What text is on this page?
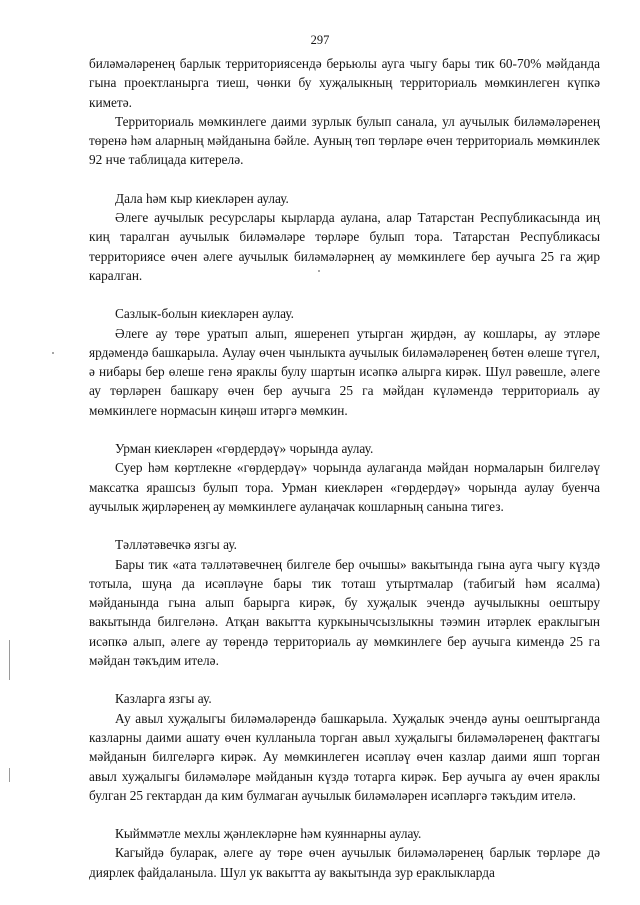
297

биләмәләренең барлык территориясендә берьюлы ауга чыгу бары тик 60-70% мәйданда гына проектланырга тиеш, чөнки бу хуҗалыкның территориаль мөмкинлеген күпкә киметә.

Территориаль мөмкинлеге даими зурлык булып санала, ул аучылык биләмәләренең төренә һәм аларның мәйданына бәйле. Ауның төп төрләре өчен территориаль мөмкинлек 92 нче таблицада китерелә.

Дала һәм кыр киекләрен аулау.

Әлеге аучылык ресурслары кырларда аулана, алар Татарстан Республикасында иң киң таралган аучылык биләмәләре төрләре булып тора. Татарстан Республикасы территориясе өчен әлеге аучылык биләмәләрнең ау мөмкинлеге бер аучыга 25 га җир каралган.

Сазлык-болын киекләрен аулау.

Әлеге ау төре уратып алып, яшеренеп утырган җирдән, ау кошлары, ау этләре ярдәмендә башкарыла. Аулау өчен чынлыкта аучылык биләмәләренең бөтен өлеше түгел, ә нибары бер өлеше генә яраклы булу шартын исәпкә алырга кирәк. Шул рәвешле, әлеге ау төрләрен башкару өчен бер аучыга 25 га мәйдан күләмендә территориаль ау мөмкинлеге нормасын киңәш итәргә мөмкин.

Урман киекләрен «гөрдердәү» чорында аулау.

Суер һәм көртлекне «гөрдердәү» чорында аулаганда мәйдан нормаларын билгеләү максатка ярашсыз булып тора. Урман киекләрен «гөрдердәү» чорында аулау буенча аучылык җирләренең ау мөмкинлеге аулаңачак кошларның санына тигез.

Тәлләтәвечкә язгы ау.

Бары тик «ата тәлләтәвечнең билгеле бер очышы» вакытында гына ауга чыгу күздә тотыла, шуңа да исәпләүне бары тик тоташ утыртмалар (табигый һәм ясалма) мәйданында гына алып барырга кирәк, бу хуҗалык эчендә аучылыкны оештыру вакытында билгеләнә. Атқан вакытта куркынычсызлыкны тәэмин итәрлек ераклыгын исәпкә алып, әлеге ау төрендә территориаль ау мөмкинлеге бер аучыга кимендә 25 га мәйдан тәкъдим ителә.

Казларга язгы ау.

Ау авыл хуҗалыгы биләмәләрендә башкарыла. Хуҗалык эчендә ауны оештырганда казларны даими ашату өчен кулланыла торган авыл хуҗалыгы биләмәләренең фактгагы мәйданын билгеләргә кирәк. Ау мөмкинлеген исәпләү өчен казлар даими яшп торган авыл хуҗалыгы биләмәләре мәйданын күздә тотарга кирәк. Бер аучыга ау өчен яраклы булган 25 гектардан да ким булмаган аучылык биләмәләрен исәпләргә тәкъдим ителә.

Кыйммәтле мехлы җәнлекләрне һәм куяннарны аулау.

Кагыйдә буларак, әлеге ау төре өчен аучылык биләмәләренең барлык төрләре дә диярлек файдаланыла. Шул ук вакытта ау вакытында зур ераклыкларда
